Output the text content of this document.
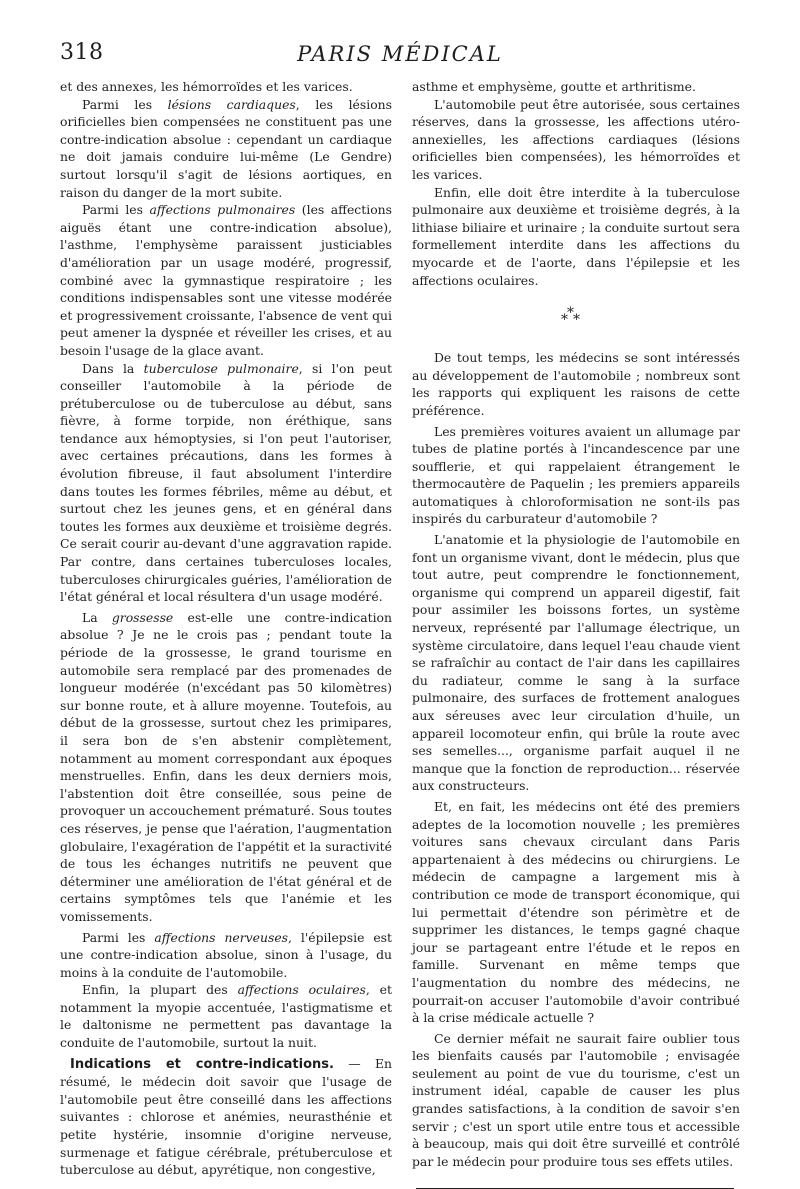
318	PARIS MÉDICAL

et des annexes, les hémorroïdes et les varices.

Parmi les lésions cardiaques, les lésions orificielles bien compensées ne constituent pas une contre-indication absolue : cependant un cardiaque ne doit jamais conduire lui-même (Le Gendre) surtout lorsqu'il s'agit de lésions aortiques, en raison du danger de la mort subite.

Parmi les affections pulmonaires (les affections aiguës étant une contre-indication absolue), l'asthme, l'emphysème paraissent justiciables d'amélioration par un usage modéré, progressif, combiné avec la gymnastique respiratoire ; les conditions indispensables sont une vitesse modérée et progressivement croissante, l'absence de vent qui peut amener la dyspnée et réveiller les crises, et au besoin l'usage de la glace avant.

Dans la tuberculose pulmonaire, si l'on peut conseiller l'automobile à la période de prétuberculose ou de tuberculose au début, sans fièvre, à forme torpide, non éréthique, sans tendance aux hémoptysies, si l'on peut l'autoriser, avec certaines précautions, dans les formes à évolution fibreuse, il faut absolument l'interdire dans toutes les formes fébriles, même au début, et surtout chez les jeunes gens, et en général dans toutes les formes aux deuxième et troisième degrés. Ce serait courir au-devant d'une aggravation rapide. Par contre, dans certaines tuberculoses locales, tuberculoses chirurgicales guéries, l'amélioration de l'état général et local résultera d'un usage modéré.

La grossesse est-elle une contre-indication absolue ? Je ne le crois pas ; pendant toute la période de la grossesse, le grand tourisme en automobile sera remplacé par des promenades de longueur modérée (n'excédant pas 50 kilomètres) sur bonne route, et à allure moyenne. Toutefois, au début de la grossesse, surtout chez les primipares, il sera bon de s'en abstenir complètement, notamment au moment correspondant aux époques menstruelles. Enfin, dans les deux derniers mois, l'abstention doit être conseillée, sous peine de provoquer un accouchement prématuré. Sous toutes ces réserves, je pense que l'aération, l'augmentation globulaire, l'exagération de l'appétit et la suractivité de tous les échanges nutritifs ne peuvent que déterminer une amélioration de l'état général et de certains symptômes tels que l'anémie et les vomissements.

Parmi les affections nerveuses, l'épilepsie est une contre-indication absolue, sinon à l'usage, du moins à la conduite de l'automobile.

Enfin, la plupart des affections oculaires, et notamment la myopie accentuée, l'astigmatisme et le daltonisme ne permettent pas davantage la conduite de l'automobile, surtout la nuit.

Indications et contre-indications. — En résumé, le médecin doit savoir que l'usage de l'automobile peut être conseillé dans les affections suivantes : chlorose et anémies, neurasthénie et petite hystérie, insomnie d'origine nerveuse, surmenage et fatigue cérébrale, prétuberculose et tuberculose au début, apyrétique, non congestive,

asthme et emphysème, goutte et arthritisme.

L'automobile peut être autorisée, sous certaines réserves, dans la grossesse, les affections utéro-annexielles, les affections cardiaques (lésions orificielles bien compensées), les hémorroïdes et les varices.

Enfin, elle doit être interdite à la tuberculose pulmonaire aux deuxième et troisième degrés, à la lithiase biliaire et urinaire ; la conduite surtout sera formellement interdite dans les affections du myocarde et de l'aorte, dans l'épilepsie et les affections oculaires.

*
* *

De tout temps, les médecins se sont intéressés au développement de l'automobile ; nombreux sont les rapports qui expliquent les raisons de cette préférence.

Les premières voitures avaient un allumage par tubes de platine portés à l'incandescence par une soufflerie, et qui rappelaient étrangement le thermocautère de Paquelin ; les premiers appareils automatiques à chloroformisation ne sont-ils pas inspirés du carburateur d'automobile ?

L'anatomie et la physiologie de l'automobile en font un organisme vivant, dont le médecin, plus que tout autre, peut comprendre le fonctionnement, organisme qui comprend un appareil digestif, fait pour assimiler les boissons fortes, un système nerveux, représenté par l'allumage électrique, un système circulatoire, dans lequel l'eau chaude vient se rafraîchir au contact de l'air dans les capillaires du radiateur, comme le sang à la surface pulmonaire, des surfaces de frottement analogues aux séreuses avec leur circulation d'huile, un appareil locomoteur enfin, qui brûle la route avec ses semelles..., organisme parfait auquel il ne manque que la fonction de reproduction... réservée aux constructeurs.

Et, en fait, les médecins ont été des premiers adeptes de la locomotion nouvelle ; les premières voitures sans chevaux circulant dans Paris appartenaient à des médecins ou chirurgiens. Le médecin de campagne a largement mis à contribution ce mode de transport économique, qui lui permettait d'étendre son périmètre et de supprimer les distances, le temps gagné chaque jour se partageant entre l'étude et le repos en famille. Survenant en même temps que l'augmentation du nombre des médecins, ne pourrait-on accuser l'automobile d'avoir contribué à la crise médicale actuelle ?

Ce dernier méfait ne saurait faire oublier tous les bienfaits causés par l'automobile ; envisagée seulement au point de vue du tourisme, c'est un instrument idéal, capable de causer les plus grandes satisfactions, à la condition de savoir s'en servir ; c'est un sport utile entre tous et accessible à beaucoup, mais qui doit être surveillé et contrôlé par le médecin pour produire tous ses effets utiles.
